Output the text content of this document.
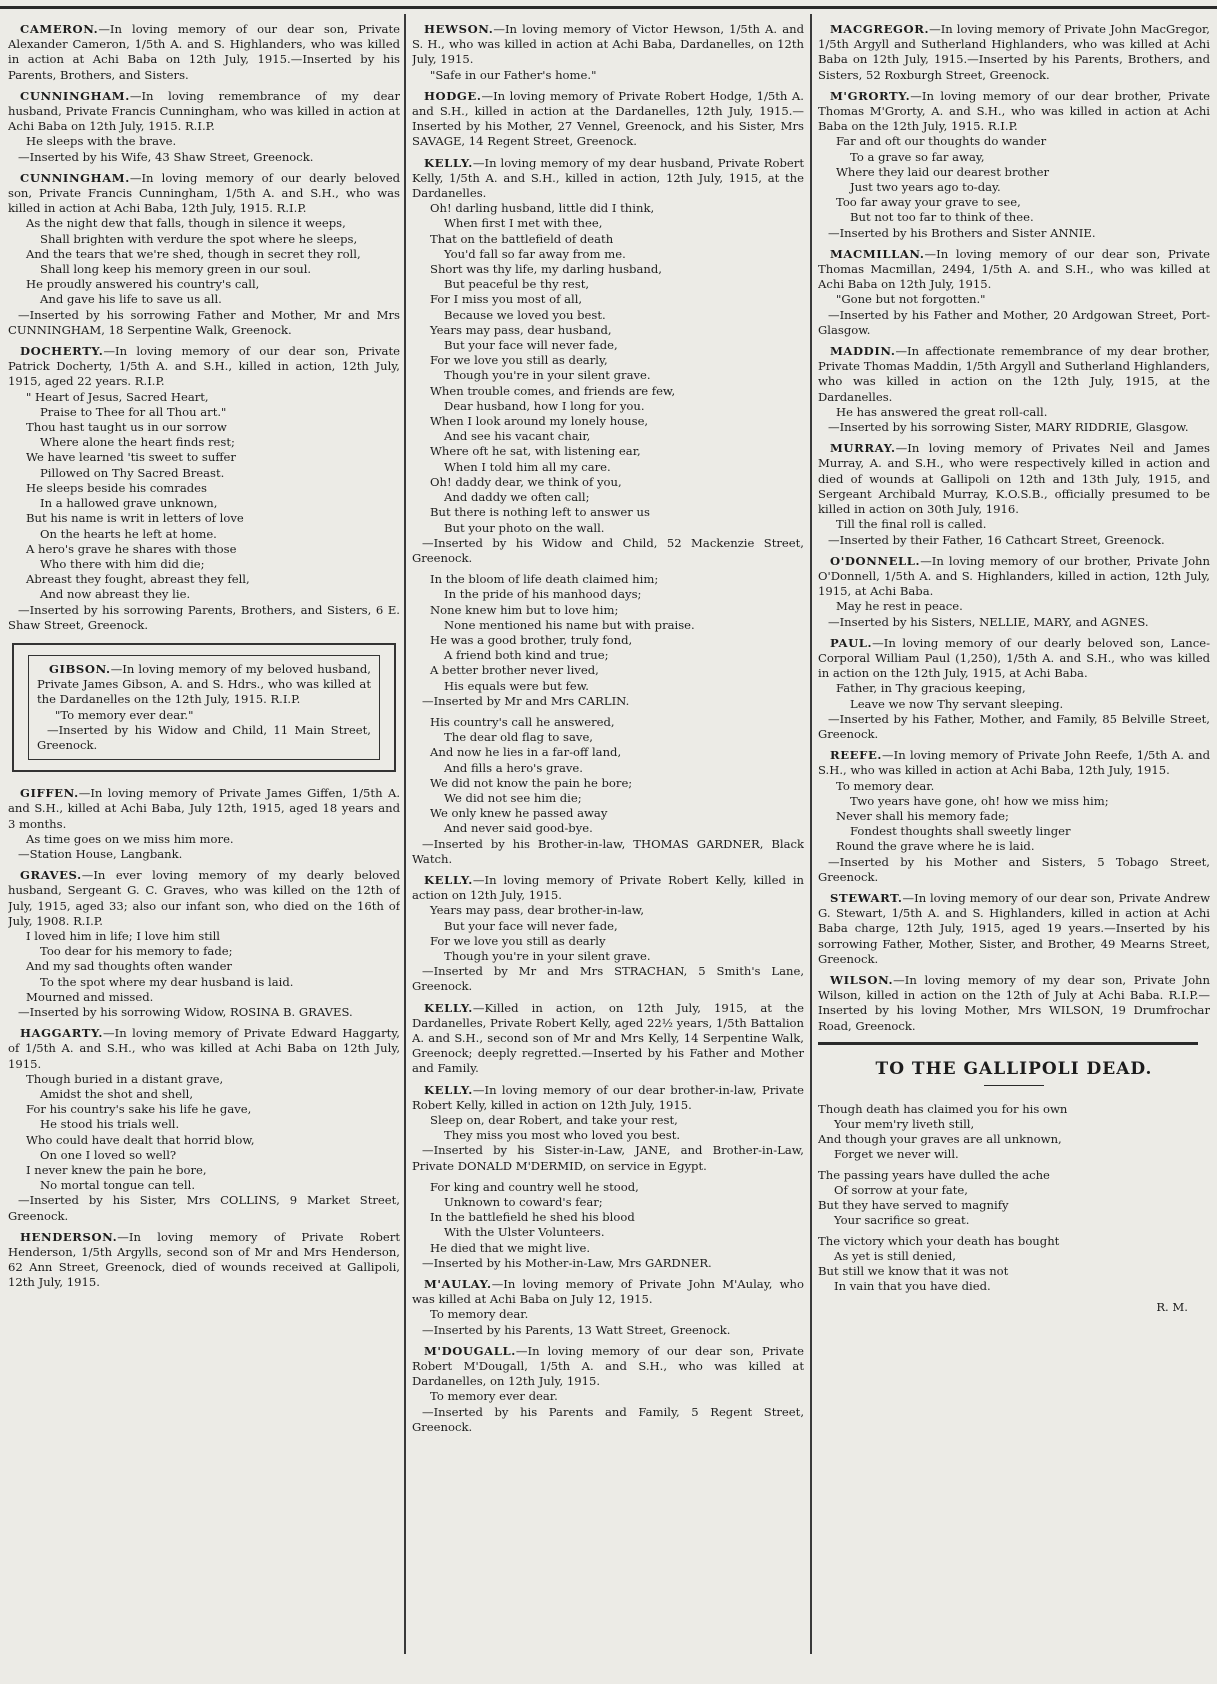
CAMERON.—In loving memory of our dear son, Private Alexander Cameron, 1/5th A. and S. Highlanders, who was killed in action at Achi Baba on 12th July, 1915.—Inserted by his Parents, Brothers, and Sisters.

CUNNINGHAM.—In loving remembrance of my dear husband, Private Francis Cunningham, who was killed in action at Achi Baba on 12th July, 1915. R.I.P.

He sleeps with the brave.

—Inserted by his Wife, 43 Shaw Street, Greenock.

CUNNINGHAM.—In loving memory of our dearly beloved son, Private Francis Cunningham, 1/5th A. and S.H., who was killed in action at Achi Baba, 12th July, 1915. R.I.P.

As the night dew that falls, though in silence it weeps,

Shall brighten with verdure the spot where he sleeps,

And the tears that we're shed, though in secret they roll,

Shall long keep his memory green in our soul.

He proudly answered his country's call,

And gave his life to save us all.

—Inserted by his sorrowing Father and Mother, Mr and Mrs CUNNINGHAM, 18 Serpentine Walk, Greenock.

DOCHERTY.—In loving memory of our dear son, Private Patrick Docherty, 1/5th A. and S.H., killed in action, 12th July, 1915, aged 22 years. R.I.P.

" Heart of Jesus, Sacred Heart,

Praise to Thee for all Thou art."

Thou hast taught us in our sorrow

Where alone the heart finds rest;

We have learned 'tis sweet to suffer

Pillowed on Thy Sacred Breast.

He sleeps beside his comrades

In a hallowed grave unknown,

But his name is writ in letters of love

On the hearts he left at home.

A hero's grave he shares with those

Who there with him did die;

Abreast they fought, abreast they fell,

And now abreast they lie.

—Inserted by his sorrowing Parents, Brothers, and Sisters, 6 E. Shaw Street, Greenock.

GIBSON.—In loving memory of my beloved husband, Private James Gibson, A. and S. Hdrs., who was killed at the Dardanelles on the 12th July, 1915. R.I.P.

"To memory ever dear."

—Inserted by his Widow and Child, 11 Main Street, Greenock.

GIFFEN.—In loving memory of Private James Giffen, 1/5th A. and S.H., killed at Achi Baba, July 12th, 1915, aged 18 years and 3 months.

As time goes on we miss him more.

—Station House, Langbank.

GRAVES.—In ever loving memory of my dearly beloved husband, Sergeant G. C. Graves, who was killed on the 12th of July, 1915, aged 33; also our infant son, who died on the 16th of July, 1908. R.I.P.

I loved him in life; I love him still

Too dear for his memory to fade;

And my sad thoughts often wander

To the spot where my dear husband is laid.

Mourned and missed.

—Inserted by his sorrowing Widow, ROSINA B. GRAVES.

HAGGARTY.—In loving memory of Private Edward Haggarty, of 1/5th A. and S.H., who was killed at Achi Baba on 12th July, 1915.

Though buried in a distant grave,

Amidst the shot and shell,

For his country's sake his life he gave,

He stood his trials well.

Who could have dealt that horrid blow,

On one I loved so well?

I never knew the pain he bore,

No mortal tongue can tell.

—Inserted by his Sister, Mrs COLLINS, 9 Market Street, Greenock.

HENDERSON.—In loving memory of Private Robert Henderson, 1/5th Argylls, second son of Mr and Mrs Henderson, 62 Ann Street, Greenock, died of wounds received at Gallipoli, 12th July, 1915.

HEWSON.—In loving memory of Victor Hewson, 1/5th A. and S. H., who was killed in action at Achi Baba, Dardanelles, on 12th July, 1915.

"Safe in our Father's home."

HODGE.—In loving memory of Private Robert Hodge, 1/5th A. and S.H., killed in action at the Dardanelles, 12th July, 1915.—Inserted by his Mother, 27 Vennel, Greenock, and his Sister, Mrs SAVAGE, 14 Regent Street, Greenock.

KELLY.—In loving memory of my dear husband, Private Robert Kelly, 1/5th A. and S.H., killed in action, 12th July, 1915, at the Dardanelles.

Oh! darling husband, little did I think,

When first I met with thee,

That on the battlefield of death

You'd fall so far away from me.

Short was thy life, my darling husband,

But peaceful be thy rest,

For I miss you most of all,

Because we loved you best.

Years may pass, dear husband,

But your face will never fade,

For we love you still as dearly,

Though you're in your silent grave.

When trouble comes, and friends are few,

Dear husband, how I long for you.

When I look around my lonely house,

And see his vacant chair,

Where oft he sat, with listening ear,

When I told him all my care.

Oh! daddy dear, we think of you,

And daddy we often call;

But there is nothing left to answer us

But your photo on the wall.

—Inserted by his Widow and Child, 52 Mackenzie Street, Greenock.

In the bloom of life death claimed him;

In the pride of his manhood days;

None knew him but to love him;

None mentioned his name but with praise.

He was a good brother, truly fond,

A friend both kind and true;

A better brother never lived,

His equals were but few.

—Inserted by Mr and Mrs CARLIN.

His country's call he answered,

The dear old flag to save,

And now he lies in a far-off land,

And fills a hero's grave.

We did not know the pain he bore;

We did not see him die;

We only knew he passed away

And never said good-bye.

—Inserted by his Brother-in-law, THOMAS GARDNER, Black Watch.

KELLY.—In loving memory of Private Robert Kelly, killed in action on 12th July, 1915.

Years may pass, dear brother-in-law,

But your face will never fade,

For we love you still as dearly

Though you're in your silent grave.

—Inserted by Mr and Mrs STRACHAN, 5 Smith's Lane, Greenock.

KELLY.—Killed in action, on 12th July, 1915, at the Dardanelles, Private Robert Kelly, aged 22½ years, 1/5th Battalion A. and S.H., second son of Mr and Mrs Kelly, 14 Serpentine Walk, Greenock; deeply regretted.—Inserted by his Father and Mother and Family.

KELLY.—In loving memory of our dear brother-in-law, Private Robert Kelly, killed in action on 12th July, 1915.

Sleep on, dear Robert, and take your rest,

They miss you most who loved you best.

—Inserted by his Sister-in-Law, JANE, and Brother-in-Law, Private DONALD M'DERMID, on service in Egypt.

For king and country well he stood,

Unknown to coward's fear;

In the battlefield he shed his blood

With the Ulster Volunteers.

He died that we might live.

—Inserted by his Mother-in-Law, Mrs GARDNER.

M'AULAY.—In loving memory of Private John M'Aulay, who was killed at Achi Baba on July 12, 1915.

To memory dear.

—Inserted by his Parents, 13 Watt Street, Greenock.

M'DOUGALL.—In loving memory of our dear son, Private Robert M'Dougall, 1/5th A. and S.H., who was killed at Dardanelles, on 12th July, 1915.

To memory ever dear.

—Inserted by his Parents and Family, 5 Regent Street, Greenock.

MACGREGOR.—In loving memory of Private John MacGregor, 1/5th Argyll and Sutherland Highlanders, who was killed at Achi Baba on 12th July, 1915.—Inserted by his Parents, Brothers, and Sisters, 52 Roxburgh Street, Greenock.

M'GRORTY.—In loving memory of our dear brother, Private Thomas M'Grorty, A. and S.H., who was killed in action at Achi Baba on the 12th July, 1915. R.I.P.

Far and oft our thoughts do wander

To a grave so far away,

Where they laid our dearest brother

Just two years ago to-day.

Too far away your grave to see,

But not too far to think of thee.

—Inserted by his Brothers and Sister ANNIE.

MACMILLAN.—In loving memory of our dear son, Private Thomas Macmillan, 2494, 1/5th A. and S.H., who was killed at Achi Baba on 12th July, 1915.

"Gone but not forgotten."

—Inserted by his Father and Mother, 20 Ardgowan Street, Port-Glasgow.

MADDIN.—In affectionate remembrance of my dear brother, Private Thomas Maddin, 1/5th Argyll and Sutherland Highlanders, who was killed in action on the 12th July, 1915, at the Dardanelles.

He has answered the great roll-call.

—Inserted by his sorrowing Sister, MARY RIDDRIE, Glasgow.

MURRAY.—In loving memory of Privates Neil and James Murray, A. and S.H., who were respectively killed in action and died of wounds at Gallipoli on 12th and 13th July, 1915, and Sergeant Archibald Murray, K.O.S.B., officially presumed to be killed in action on 30th July, 1916.

Till the final roll is called.

—Inserted by their Father, 16 Cathcart Street, Greenock.

O'DONNELL.—In loving memory of our brother, Private John O'Donnell, 1/5th A. and S. Highlanders, killed in action, 12th July, 1915, at Achi Baba.

May he rest in peace.

—Inserted by his Sisters, NELLIE, MARY, and AGNES.

PAUL.—In loving memory of our dearly beloved son, Lance-Corporal William Paul (1,250), 1/5th A. and S.H., who was killed in action on the 12th July, 1915, at Achi Baba.

Father, in Thy gracious keeping,

Leave we now Thy servant sleeping.

—Inserted by his Father, Mother, and Family, 85 Belville Street, Greenock.

REEFE.—In loving memory of Private John Reefe, 1/5th A. and S.H., who was killed in action at Achi Baba, 12th July, 1915.

To memory dear.

Two years have gone, oh! how we miss him;

Never shall his memory fade;

Fondest thoughts shall sweetly linger

Round the grave where he is laid.

—Inserted by his Mother and Sisters, 5 Tobago Street, Greenock.

STEWART.—In loving memory of our dear son, Private Andrew G. Stewart, 1/5th A. and S. Highlanders, killed in action at Achi Baba charge, 12th July, 1915, aged 19 years.—Inserted by his sorrowing Father, Mother, Sister, and Brother, 49 Mearns Street, Greenock.

WILSON.—In loving memory of my dear son, Private John Wilson, killed in action on the 12th of July at Achi Baba. R.I.P.—Inserted by his loving Mother, Mrs WILSON, 19 Drumfrochar Road, Greenock.

TO THE GALLIPOLI DEAD.

Though death has claimed you for his own

Your mem'ry liveth still,

And though your graves are all unknown,

Forget we never will.

The passing years have dulled the ache

Of sorrow at your fate,

But they have served to magnify

Your sacrifice so great.

The victory which your death has bought

As yet is still denied,

But still we know that it was not

In vain that you have died.

R. M.
